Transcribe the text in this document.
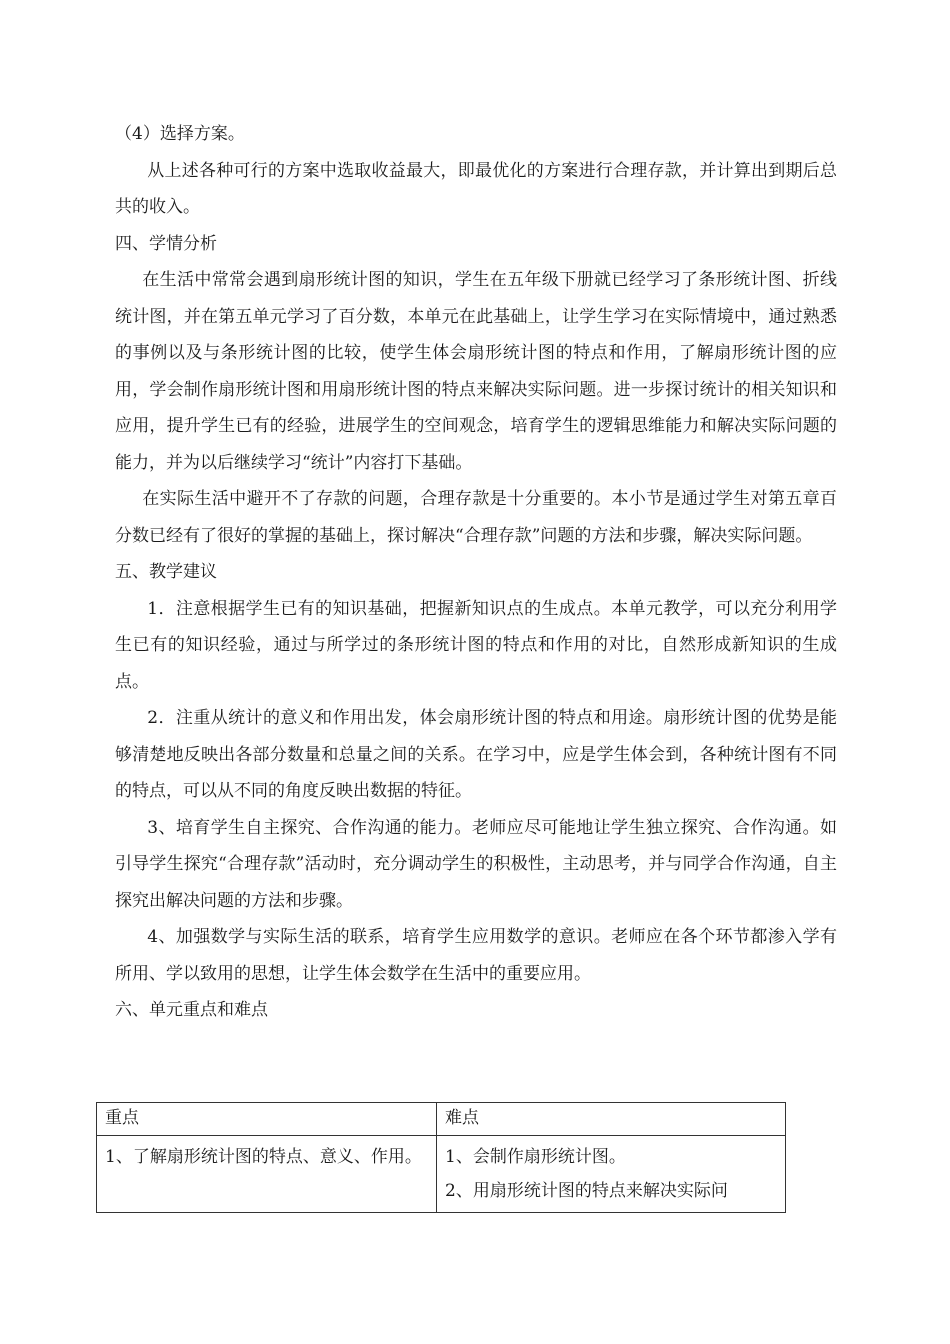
（4）选择方案。

从上述各种可行的方案中选取收益最大，即最优化的方案进行合理存款，并计算出到期后总共的收入。

四、学情分析

在生活中常常会遇到扇形统计图的知识，学生在五年级下册就已经学习了条形统计图、折线统计图，并在第五单元学习了百分数，本单元在此基础上，让学生学习在实际情境中，通过熟悉的事例以及与条形统计图的比较，使学生体会扇形统计图的特点和作用，了解扇形统计图的应用，学会制作扇形统计图和用扇形统计图的特点来解决实际问题。进一步探讨统计的相关知识和应用，提升学生已有的经验，进展学生的空间观念，培育学生的逻辑思维能力和解决实际问题的能力，并为以后继续学习“统计”内容打下基础。

在实际生活中避开不了存款的问题，合理存款是十分重要的。本小节是通过学生对第五章百分数已经有了很好的掌握的基础上，探讨解决“合理存款”问题的方法和步骤，解决实际问题。

五、教学建议

1．注意根据学生已有的知识基础，把握新知识点的生成点。本单元教学，可以充分利用学生已有的知识经验，通过与所学过的条形统计图的特点和作用的对比，自然形成新知识的生成点。

2．注重从统计的意义和作用出发，体会扇形统计图的特点和用途。扇形统计图的优势是能够清楚地反映出各部分数量和总量之间的关系。在学习中，应是学生体会到，各种统计图有不同的特点，可以从不同的角度反映出数据的特征。

3、培育学生自主探究、合作沟通的能力。老师应尽可能地让学生独立探究、合作沟通。如引导学生探究“合理存款”活动时，充分调动学生的积极性，主动思考，并与同学合作沟通，自主探究出解决问题的方法和步骤。

4、加强数学与实际生活的联系，培育学生应用数学的意识。老师应在各个环节都渗入学有所用、学以致用的思想，让学生体会数学在生活中的重要应用。

六、单元重点和难点

重点	难点

1、了解扇形统计图的特点、意义、作用。	1、会制作扇形统计图。
2、用扇形统计图的特点来解决实际问
